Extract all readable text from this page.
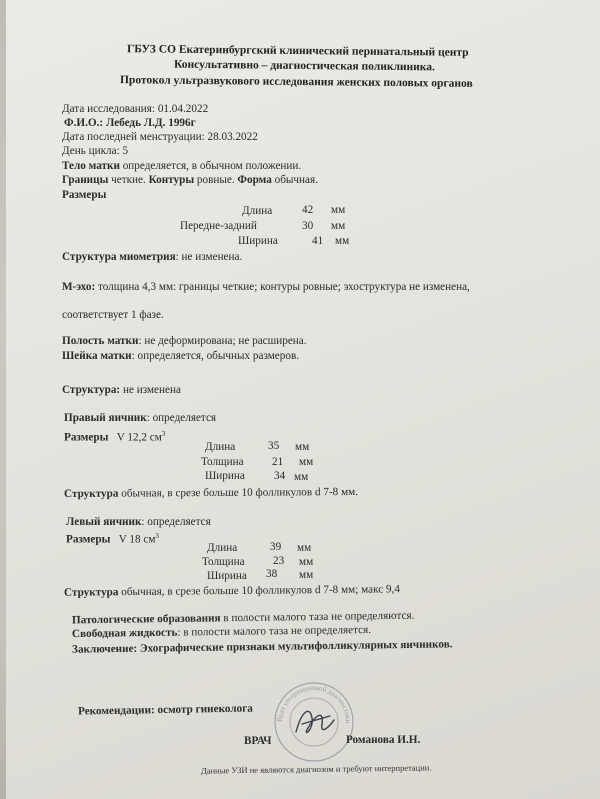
ГБУЗ СО Екатеринбургский клинический перинатальный центр
Консультативно – диагностическая поликлиника.
Протокол ультразвукового исследования женских половых органов
Дата исследования: 01.04.2022
Ф.И.О.: Лебедь Л.Д. 1996г
Дата последней менструации: 28.03.2022
День цикла: 5
Тело матки определяется, в обычном положении.
Границы четкие. Контуры ровные. Форма обычная.
Размеры
Длина	42 мм
Передне-задний	30 мм
Ширина	41 мм
Структура миометрия: не изменена.
М-эхо: толщина 4,3 мм: границы четкие; контуры ровные; эхоструктура не изменена,
соответствует 1 фазе.
Полость матки: не деформирована; не расширена.
Шейка матки: определяется, обычных размеров.
Структура: не изменена
Правый яичник: определяется
Размеры V 12,2 $см^3$
Длина	35 мм
Толщина	21 мм
Ширина	34 мм
Структура обычная, в срезе больше 10 фолликулов d 7-8 мм.
Левый яичник: определяется
Размеры V 18 $см^3$
Длина	39 мм
Толщина	23 мм
Ширина 38 мм
Структура обычная, в срезе больше 10 фолликулов d 7-8 мм; макс 9,4
Патологические образования в полости малого таза не определяются.
Свободная жидкость: в полости малого таза не определяется.
Заключение: Эхографические признаки мультифолликулярных яичников.
Рекомендации: осмотр гинеколога
Врач ультразвуковой диагностики
ВРАЧ	Романова И.Н.
Данные УЗИ не являются диагнозом и требуют интерпретации.
